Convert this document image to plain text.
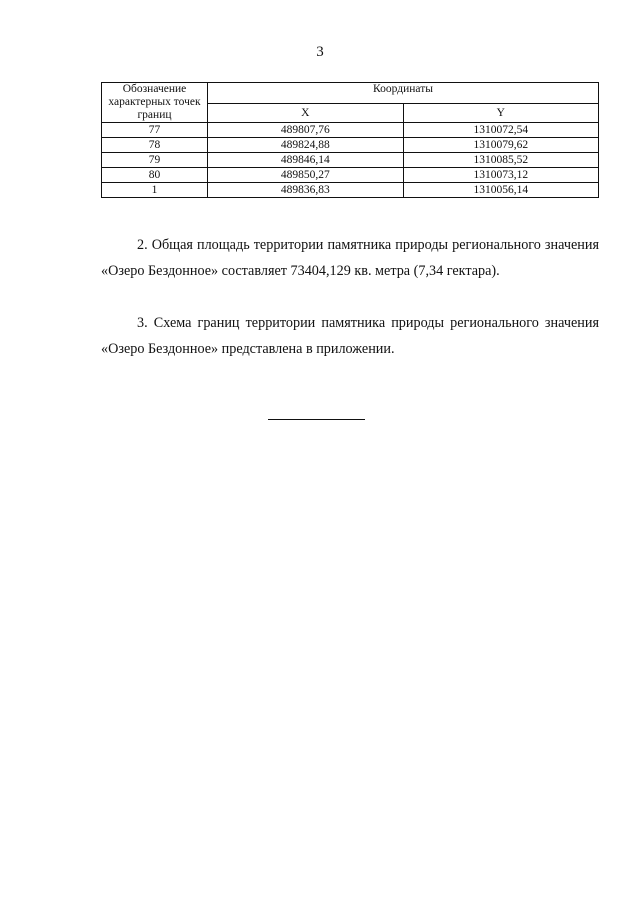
3
Обозначение характерных точек границ	Координаты	
	X	Y
77	489807,76	1310072,54
78	489824,88	1310079,62
79	489846,14	1310085,52
80	489850,27	1310073,12
1	489836,83	1310056,14

2. Общая площадь территории памятника природы регионального значения «Озеро Бездонное» составляет 73404,129 кв. метра (7,34 гектара).

3. Схема границ территории памятника природы регионального значения «Озеро Бездонное» представлена в приложении.
